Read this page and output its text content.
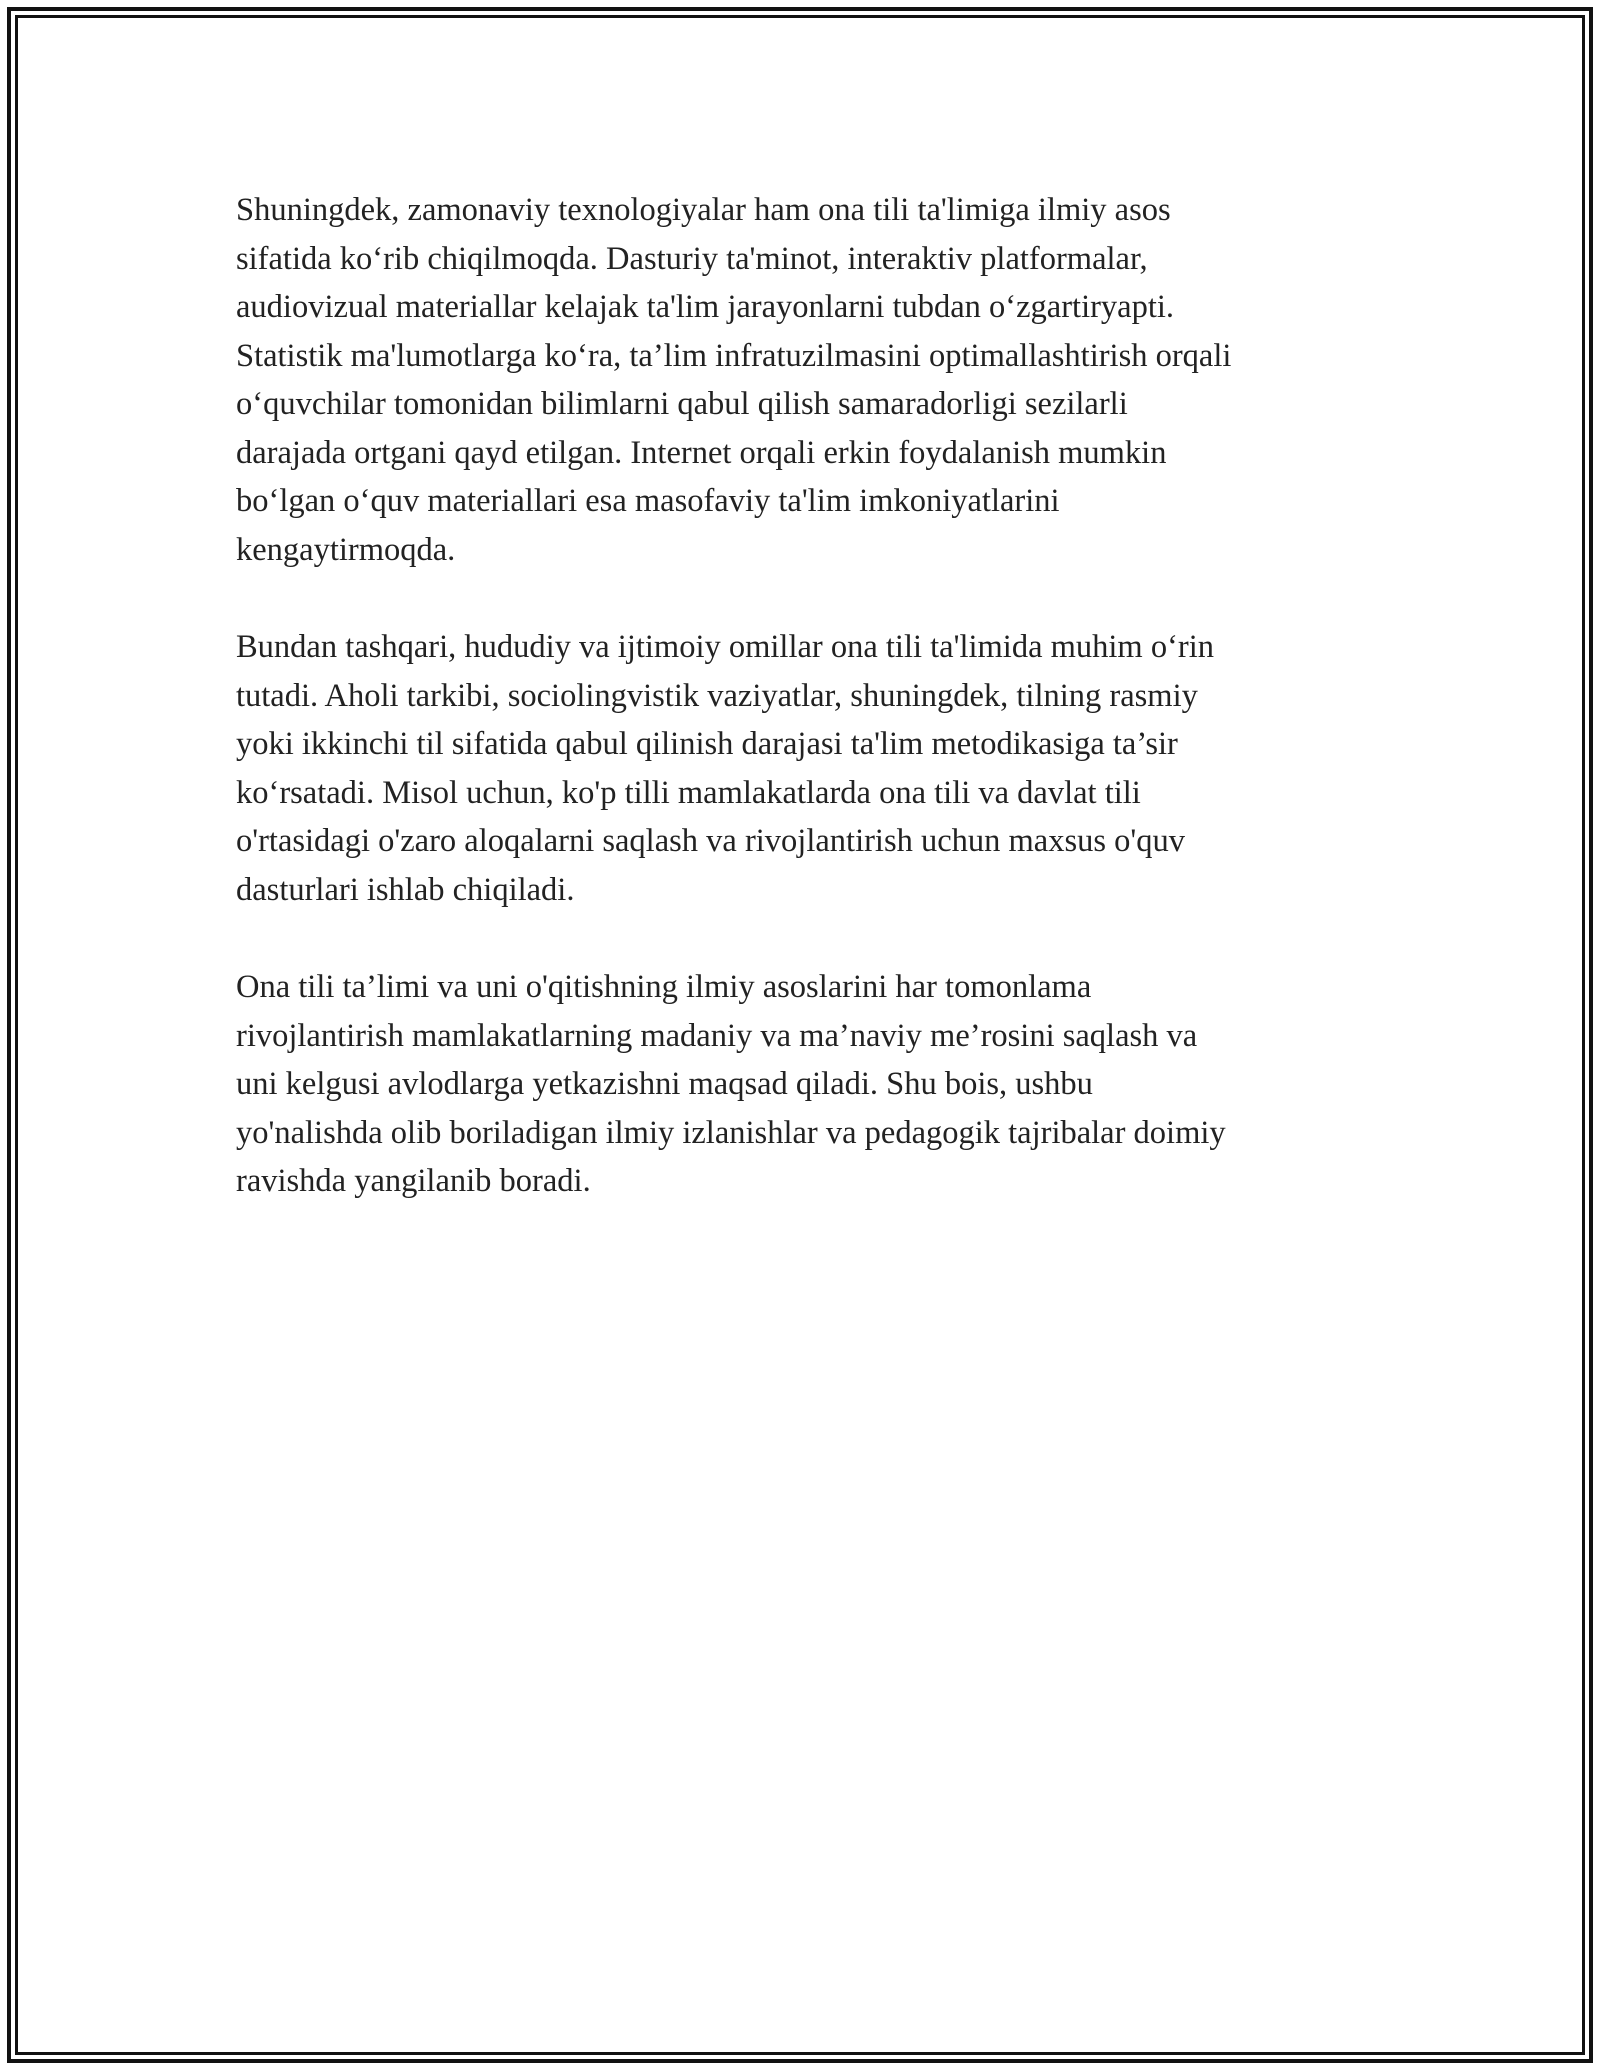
Shuningdek, zamonaviy texnologiyalar ham ona tili ta'limiga ilmiy asos
sifatida ko‘rib chiqilmoqda. Dasturiy ta'minot, interaktiv platformalar,
audiovizual materiallar kelajak ta'lim jarayonlarni tubdan o‘zgartiryapti.
Statistik ma'lumotlarga ko‘ra, ta’lim infratuzilmasini optimallashtirish orqali
o‘quvchilar tomonidan bilimlarni qabul qilish samaradorligi sezilarli
darajada ortgani qayd etilgan. Internet orqali erkin foydalanish mumkin
bo‘lgan o‘quv materiallari esa masofaviy ta'lim imkoniyatlarini
kengaytirmoqda.

Bundan tashqari, hududiy va ijtimoiy omillar ona tili ta'limida muhim o‘rin
tutadi. Aholi tarkibi, sociolingvistik vaziyatlar, shuningdek, tilning rasmiy
yoki ikkinchi til sifatida qabul qilinish darajasi ta'lim metodikasiga ta’sir
ko‘rsatadi. Misol uchun, ko'p tilli mamlakatlarda ona tili va davlat tili
o'rtasidagi o'zaro aloqalarni saqlash va rivojlantirish uchun maxsus o'quv
dasturlari ishlab chiqiladi.

Ona tili ta’limi va uni o'qitishning ilmiy asoslarini har tomonlama
rivojlantirish mamlakatlarning madaniy va ma’naviy me’rosini saqlash va
uni kelgusi avlodlarga yetkazishni maqsad qiladi. Shu bois, ushbu
yo'nalishda olib boriladigan ilmiy izlanishlar va pedagogik tajribalar doimiy
ravishda yangilanib boradi.
